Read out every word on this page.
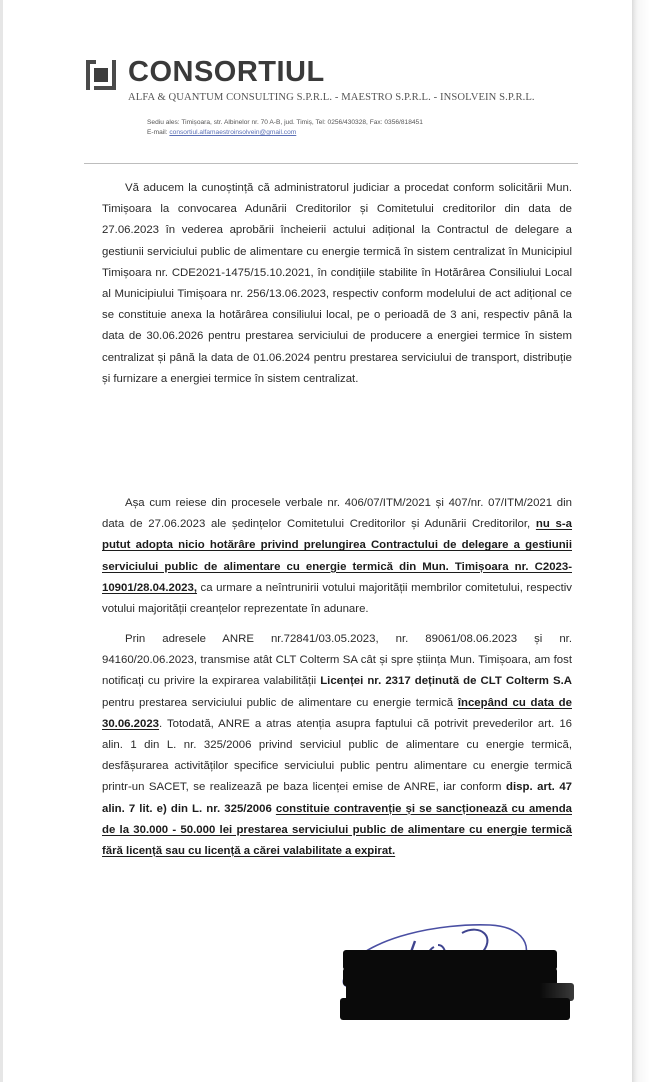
CONSORTIUL
ALFA & QUANTUM CONSULTING S.P.R.L. - MAESTRO S.P.R.L. - INSOLVEIN S.P.R.L.
Sediu ales: Timișoara, str. Albinelor nr. 70 A-B, jud. Timiș, Tel: 0256/430328, Fax: 0356/818451
E-mail: consortiul.alfamaestroinsolvein@gmail.com

Vă aducem la cunoștință că administratorul judiciar a procedat conform solicitării Mun. Timișoara la convocarea Adunării Creditorilor și Comitetului creditorilor din data de 27.06.2023 în vederea aprobării încheierii actului adițional la Contractul de delegare a gestiunii serviciului public de alimentare cu energie termică în sistem centralizat în Municipiul Timișoara nr. CDE2021-1475/15.10.2021, în condițiile stabilite în Hotărârea Consiliului Local al Municipiului Timișoara nr. 256/13.06.2023, respectiv conform modelului de act adițional ce se constituie anexa la hotărârea consiliului local, pe o perioadă de 3 ani, respectiv până la data de 30.06.2026 pentru prestarea serviciului de producere a energiei termice în sistem centralizat și până la data de 01.06.2024 pentru prestarea serviciului de transport, distribuție și furnizare a energiei termice în sistem centralizat.

Așa cum reiese din procesele verbale nr. 406/07/ITM/2021 și 407/nr. 07/ITM/2021 din data de 27.06.2023 ale ședințelor Comitetului Creditorilor și Adunării Creditorilor, nu s-a putut adopta nicio hotărâre privind prelungirea Contractului de delegare a gestiunii serviciului public de alimentare cu energie termică din Mun. Timișoara nr. C2023-10901/28.04.2023, ca urmare a neîntrunirii votului majorității membrilor comitetului, respectiv votului majorității creanțelor reprezentate în adunare.

Prin adresele ANRE nr.72841/03.05.2023, nr. 89061/08.06.2023 și nr. 94160/20.06.2023, transmise atât CLT Colterm SA cât și spre știința Mun. Timișoara, am fost notificați cu privire la expirarea valabilității Licenței nr. 2317 deținută de CLT Colterm S.A pentru prestarea serviciului public de alimentare cu energie termică începând cu data de 30.06.2023. Totodată, ANRE a atras atenția asupra faptului că potrivit prevederilor art. 16 alin. 1 din L. nr. 325/2006 privind serviciul public de alimentare cu energie termică, desfășurarea activităților specifice serviciului public pentru alimentare cu energie termică printr-un SACET, se realizează pe baza licenței emise de ANRE, iar conform disp. art. 47 alin. 7 lit. e) din L. nr. 325/2006 constituie contravenție și se sancționează cu amenda de la 30.000 - 50.000 lei prestarea serviciului public de alimentare cu energie termică fără licență sau cu licență a cărei valabilitate a expirat.
